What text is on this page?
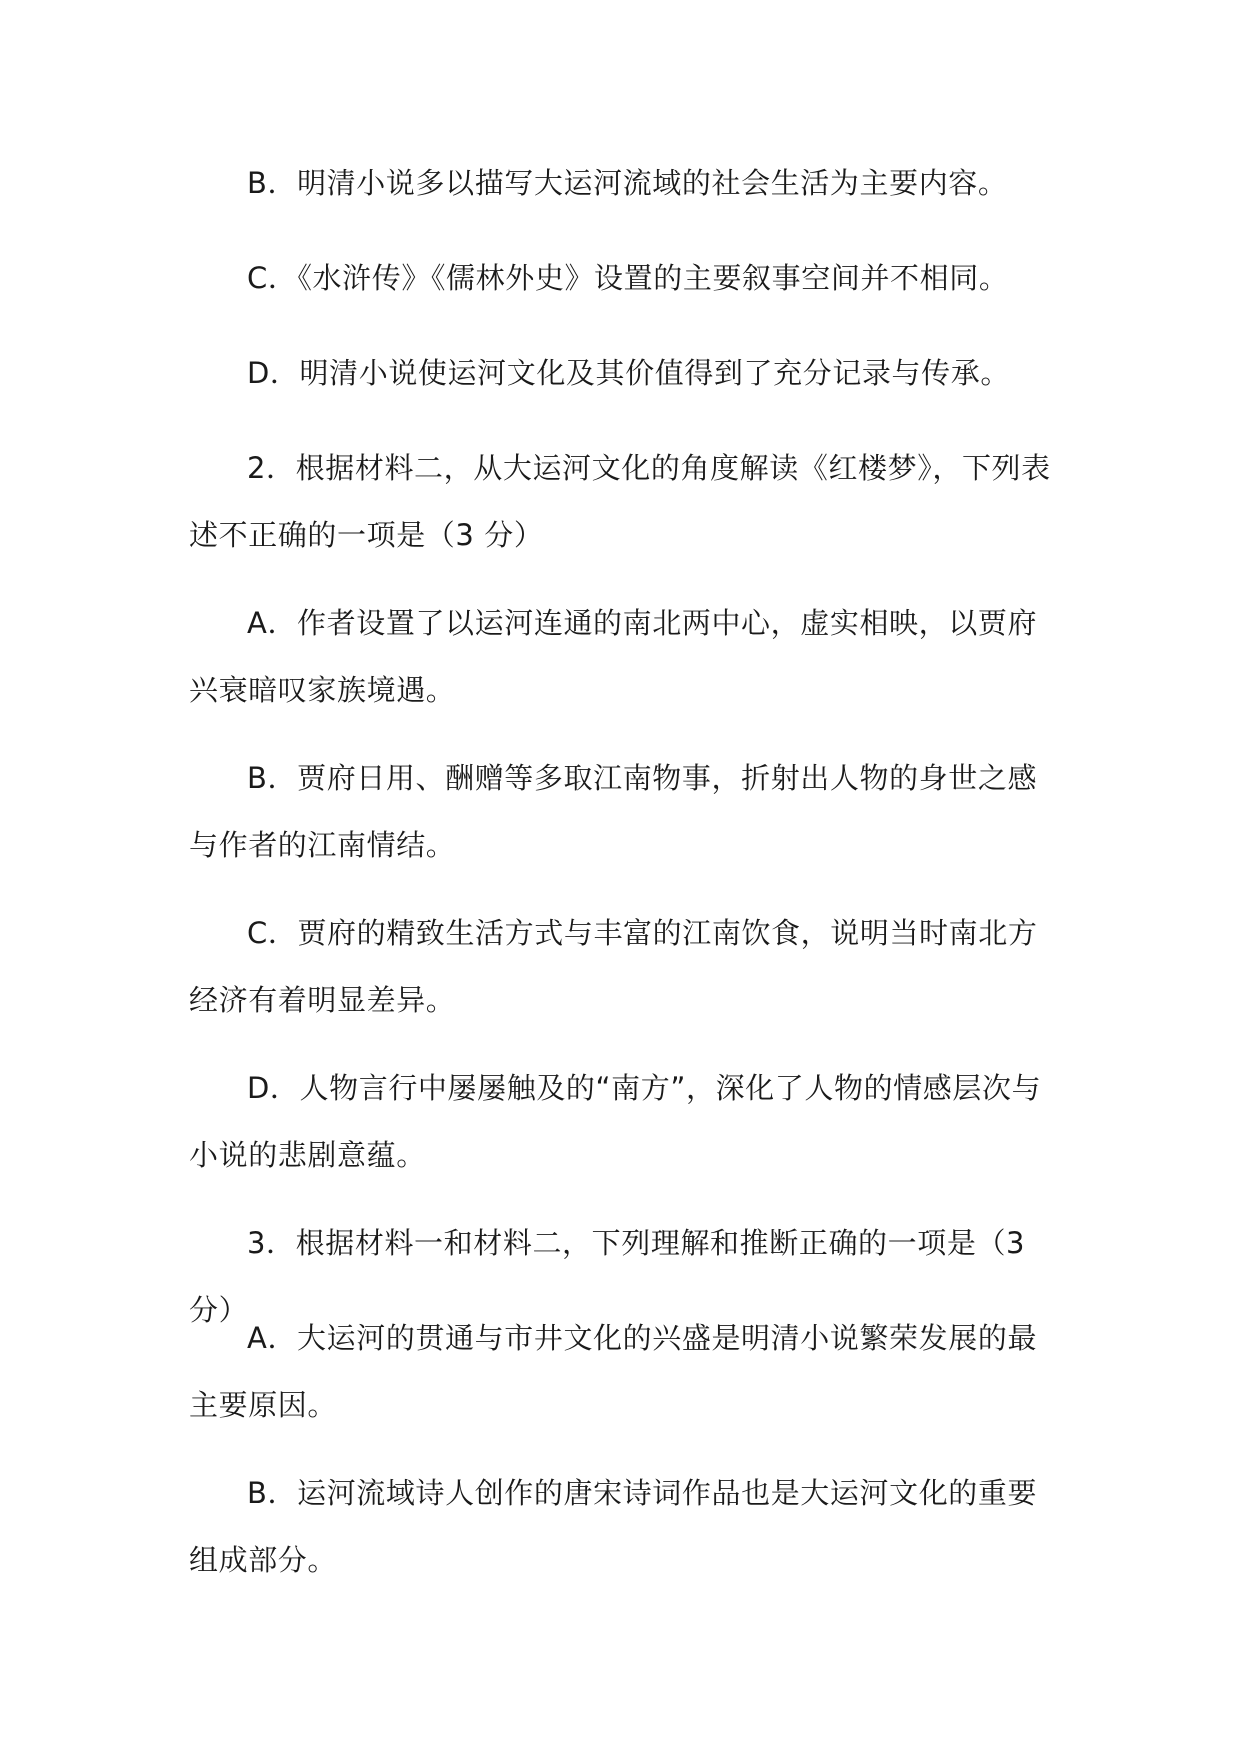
B．明清小说多以描写大运河流域的社会生活为主要内容。

C．《水浒传》《儒林外史》设置的主要叙事空间并不相同。

D．明清小说使运河文化及其价值得到了充分记录与传承。

2．根据材料二，从大运河文化的角度解读《红楼梦》，下列表述不正确的一项是（3 分）

A．作者设置了以运河连通的南北两中心，虚实相映，以贾府兴衰暗叹家族境遇。

B．贾府日用、酬赠等多取江南物事，折射出人物的身世之感与作者的江南情结。

C．贾府的精致生活方式与丰富的江南饮食，说明当时南北方经济有着明显差异。

D．人物言行中屡屡触及的“南方”，深化了人物的情感层次与小说的悲剧意蕴。

3．根据材料一和材料二，下列理解和推断正确的一项是（3 分）

A．大运河的贯通与市井文化的兴盛是明清小说繁荣发展的最主要原因。

B．运河流域诗人创作的唐宋诗词作品也是大运河文化的重要组成部分。
